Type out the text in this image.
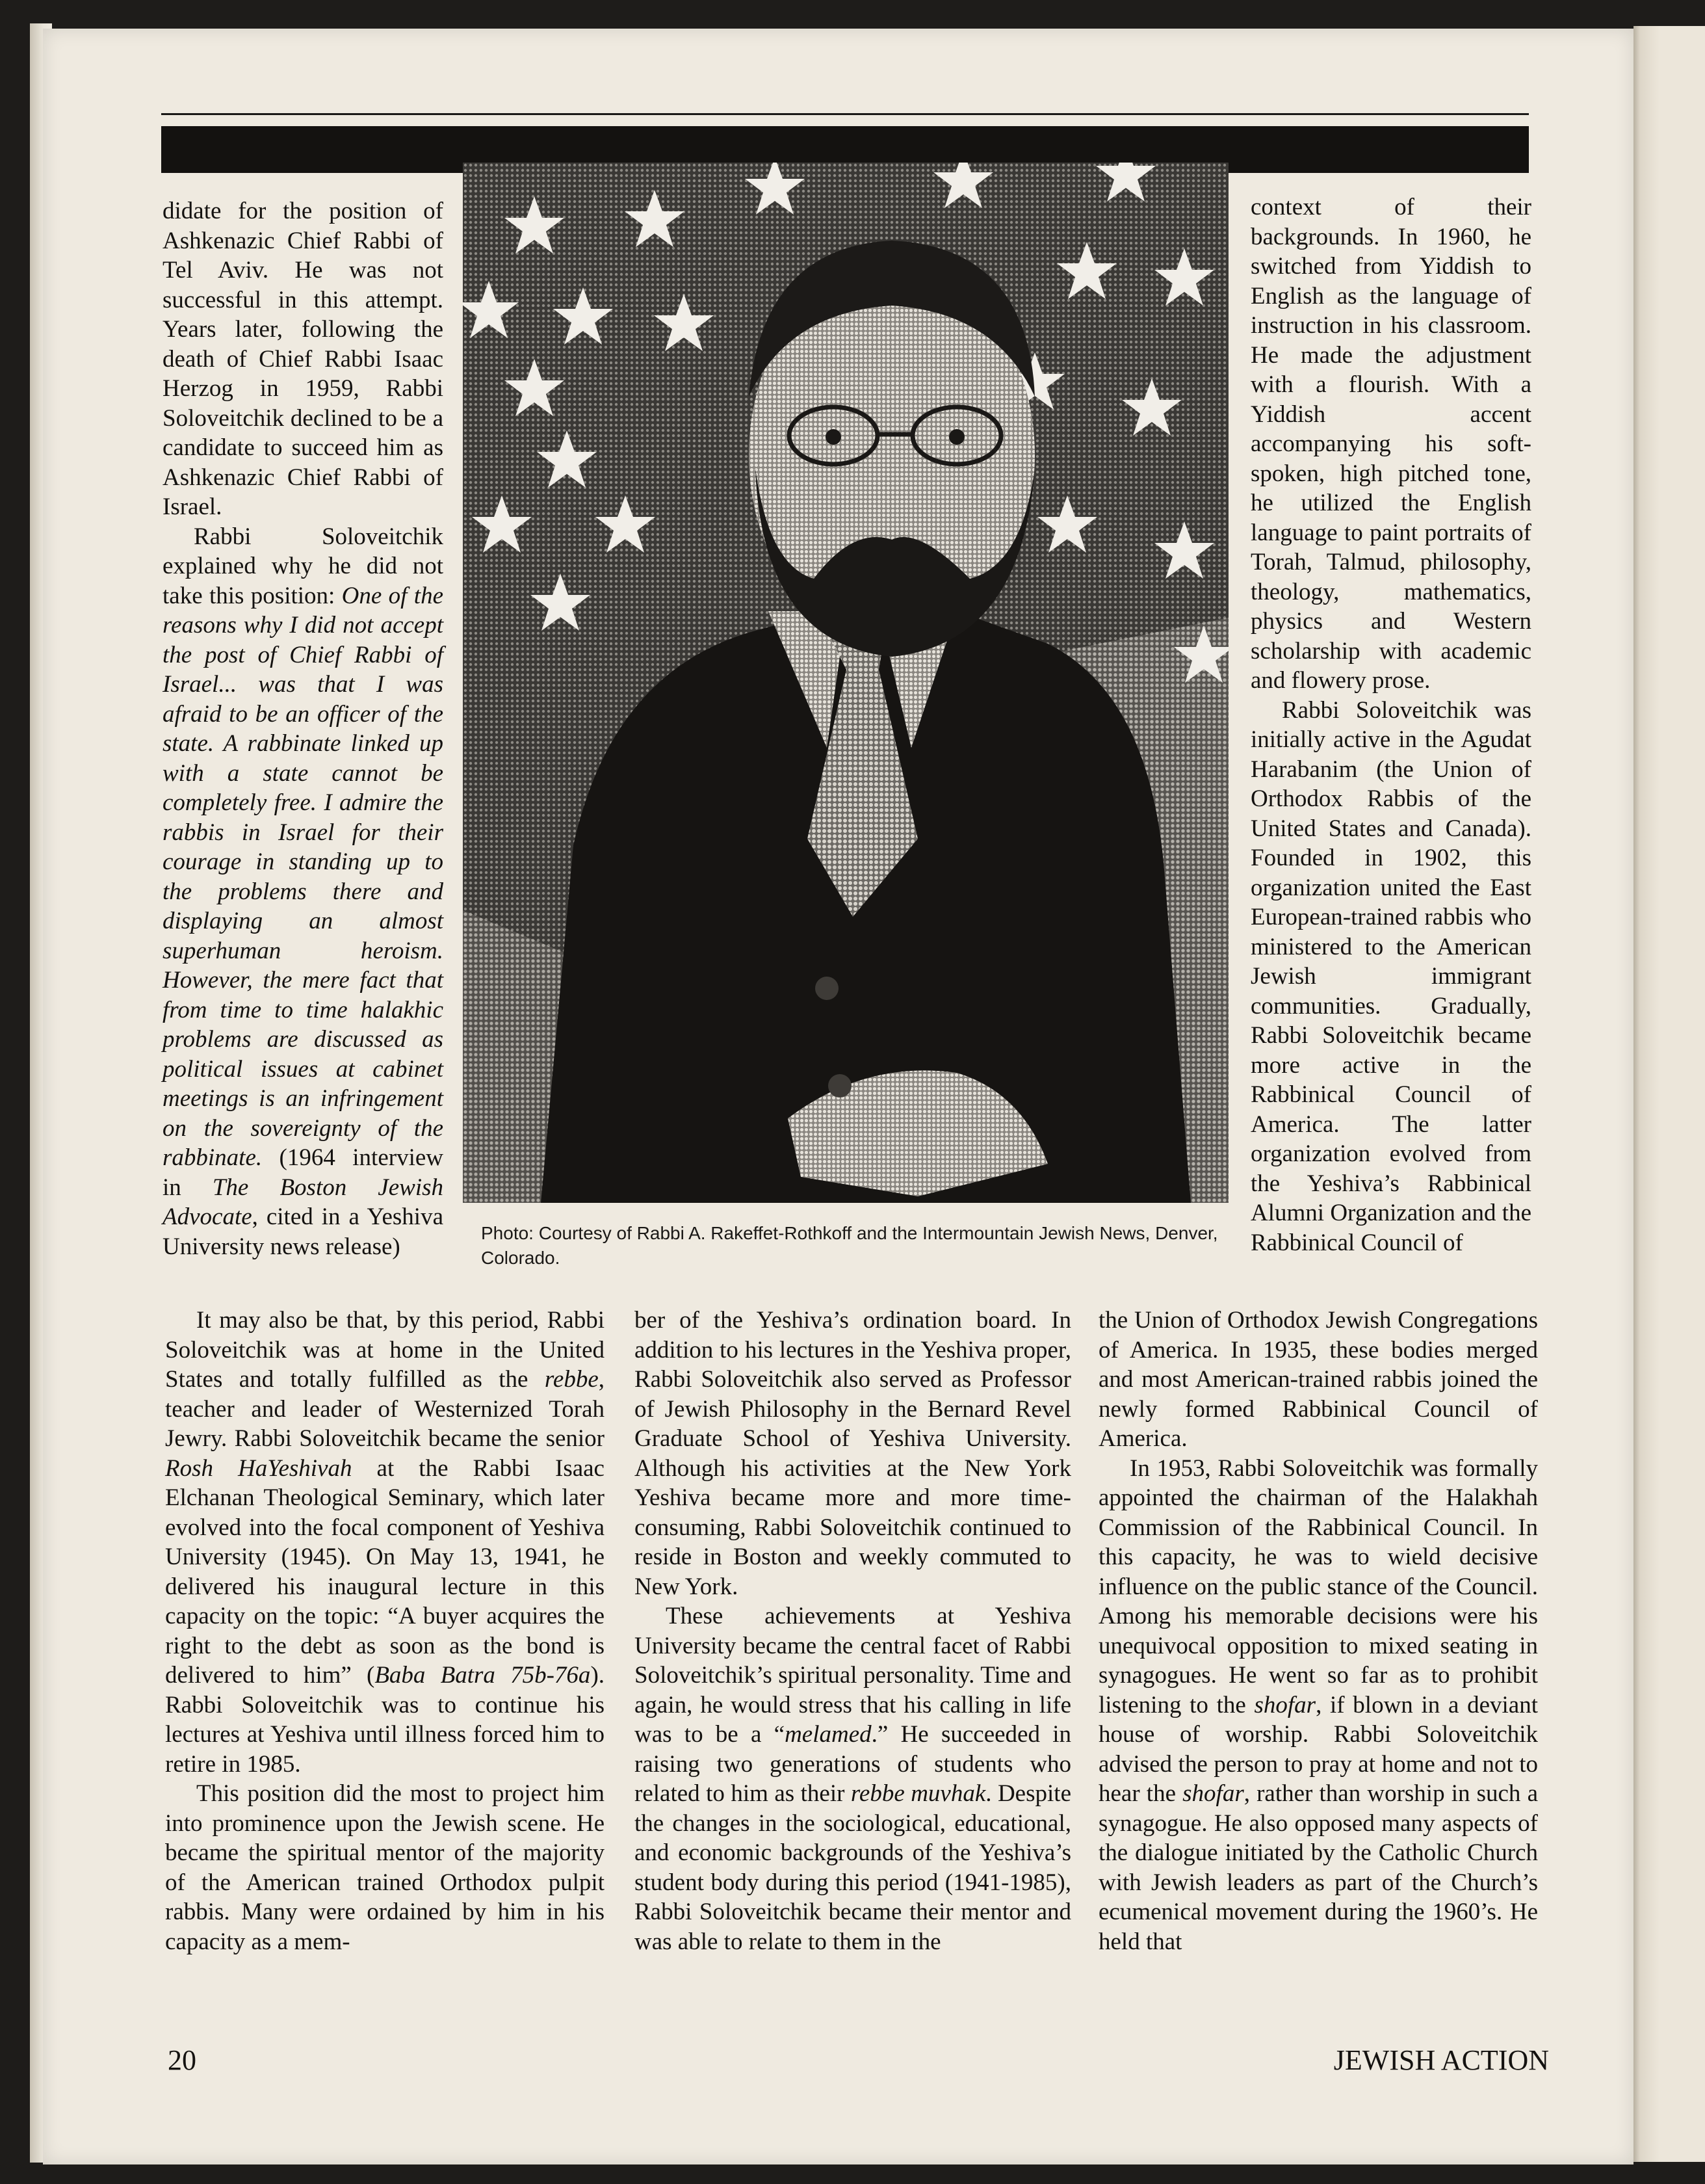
Photo: Courtesy of Rabbi A. Rakeffet-Rothkoff and the Intermountain Jewish News, Denver, Colorado.

didate for the position of Ashkenazic Chief Rabbi of Tel Aviv. He was not successful in this attempt. Years later, following the death of Chief Rabbi Isaac Herzog in 1959, Rabbi Soloveitchik declined to be a candidate to succeed him as Ashkenazic Chief Rabbi of Israel.

Rabbi Soloveitchik explained why he did not take this position: One of the reasons why I did not accept the post of Chief Rabbi of Israel... was that I was afraid to be an officer of the state. A rabbinate linked up with a state cannot be completely free. I admire the rabbis in Israel for their courage in standing up to the problems there and displaying an almost superhuman heroism. However, the mere fact that from time to time halakhic problems are discussed as political issues at cabinet meetings is an infringement on the sovereignty of the rabbinate. (1964 interview in The Boston Jewish Advocate, cited in a Yeshiva University news release)

It may also be that, by this period, Rabbi Soloveitchik was at home in the United States and totally fulfilled as the rebbe, teacher and leader of Westernized Torah Jewry. Rabbi Soloveitchik became the senior Rosh HaYeshivah at the Rabbi Isaac Elchanan Theological Seminary, which later evolved into the focal component of Yeshiva University (1945). On May 13, 1941, he delivered his inaugural lecture in this capacity on the topic: “A buyer acquires the right to the debt as soon as the bond is delivered to him” (Baba Batra 75b-76a). Rabbi Soloveitchik was to continue his lectures at Yeshiva until illness forced him to retire in 1985.

This position did the most to project him into prominence upon the Jewish scene. He became the spiritual mentor of the majority of the American trained Orthodox pulpit rabbis. Many were ordained by him in his capacity as a mem-

ber of the Yeshiva’s ordination board. In addition to his lectures in the Yeshiva proper, Rabbi Soloveitchik also served as Professor of Jewish Philosophy in the Bernard Revel Graduate School of Yeshiva University. Although his activities at the New York Yeshiva became more and more time-consuming, Rabbi Soloveitchik continued to reside in Boston and weekly commuted to New York.

These achievements at Yeshiva University became the central facet of Rabbi Soloveitchik’s spiritual personality. Time and again, he would stress that his calling in life was to be a “melamed.” He succeeded in raising two generations of students who related to him as their rebbe muvhak. Despite the changes in the sociological, educational, and economic backgrounds of the Yeshiva’s student body during this period (1941-1985), Rabbi Soloveitchik became their mentor and was able to relate to them in the

context of their backgrounds. In 1960, he switched from Yiddish to English as the language of instruction in his classroom. He made the adjustment with a flourish. With a Yiddish accent accompanying his soft-spoken, high pitched tone, he utilized the English language to paint portraits of Torah, Talmud, philosophy, theology, mathematics, physics and Western scholarship with academic and flowery prose.

Rabbi Soloveitchik was initially active in the Agudat Harabanim (the Union of Orthodox Rabbis of the United States and Canada). Founded in 1902, this organization united the East European-trained rabbis who ministered to the American Jewish immigrant communities. Gradually, Rabbi Soloveitchik became more active in the Rabbinical Council of America. The latter organization evolved from the Yeshiva’s Rabbinical Alumni Organization and the Rabbinical Council of

the Union of Orthodox Jewish Congregations of America. In 1935, these bodies merged and most American-trained rabbis joined the newly formed Rabbinical Council of America.

In 1953, Rabbi Soloveitchik was formally appointed the chairman of the Halakhah Commission of the Rabbinical Council. In this capacity, he was to wield decisive influence on the public stance of the Council. Among his memorable decisions were his unequivocal opposition to mixed seating in synagogues. He went so far as to prohibit listening to the shofar, if blown in a deviant house of worship. Rabbi Soloveitchik advised the person to pray at home and not to hear the shofar, rather than worship in such a synagogue. He also opposed many aspects of the dialogue initiated by the Catholic Church with Jewish leaders as part of the Church’s ecumenical movement during the 1960’s. He held that

20	JEWISH ACTION
